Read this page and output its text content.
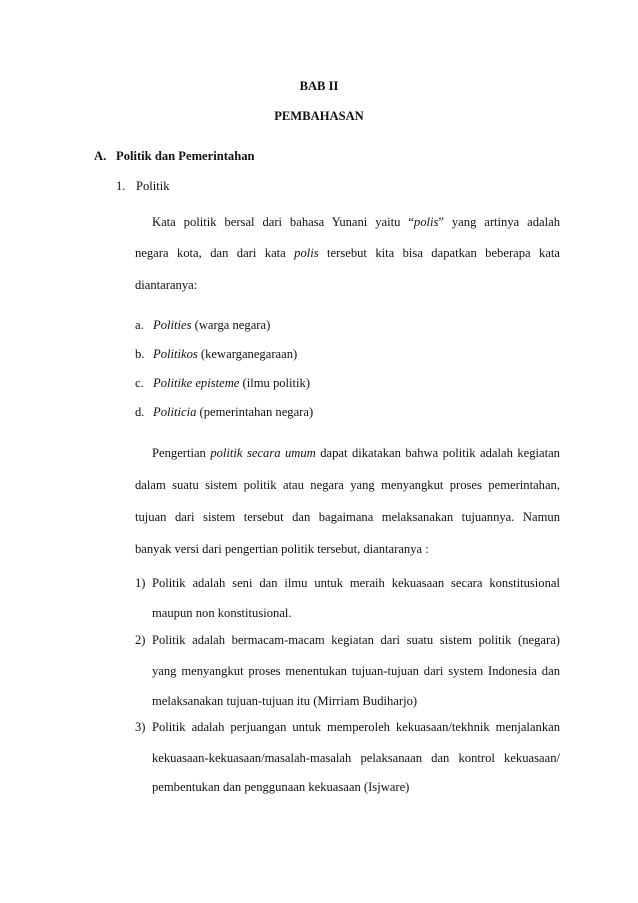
BAB II
PEMBAHASAN
A. Politik dan Pemerintahan
1. Politik
Kata politik bersal dari bahasa Yunani yaitu “polis” yang artinya adalah
negara kota, dan dari kata polis tersebut kita bisa dapatkan beberapa kata
diantaranya:
a. Polities (warga negara)
b. Politikos (kewarganegaraan)
c. Politike episteme (ilmu politik)
d. Politicia (pemerintahan negara)
Pengertian politik secara umum dapat dikatakan bahwa politik adalah kegiatan
dalam suatu sistem politik atau negara yang menyangkut proses pemerintahan,
tujuan dari sistem tersebut dan bagaimana melaksanakan tujuannya. Namun
banyak versi dari pengertian politik tersebut, diantaranya :
1) Politik adalah seni dan ilmu untuk meraih kekuasaan secara konstitusional
maupun non konstitusional.
2) Politik adalah bermacam-macam kegiatan dari suatu sistem politik (negara)
yang menyangkut proses menentukan tujuan-tujuan dari system Indonesia dan
melaksanakan tujuan-tujuan itu (Mirriam Budiharjo)
3) Politik adalah perjuangan untuk memperoleh kekuasaan/tekhnik menjalankan
kekuasaan-kekuasaan/masalah-masalah pelaksanaan dan kontrol kekuasaan/
pembentukan dan penggunaan kekuasaan (Isjware)
